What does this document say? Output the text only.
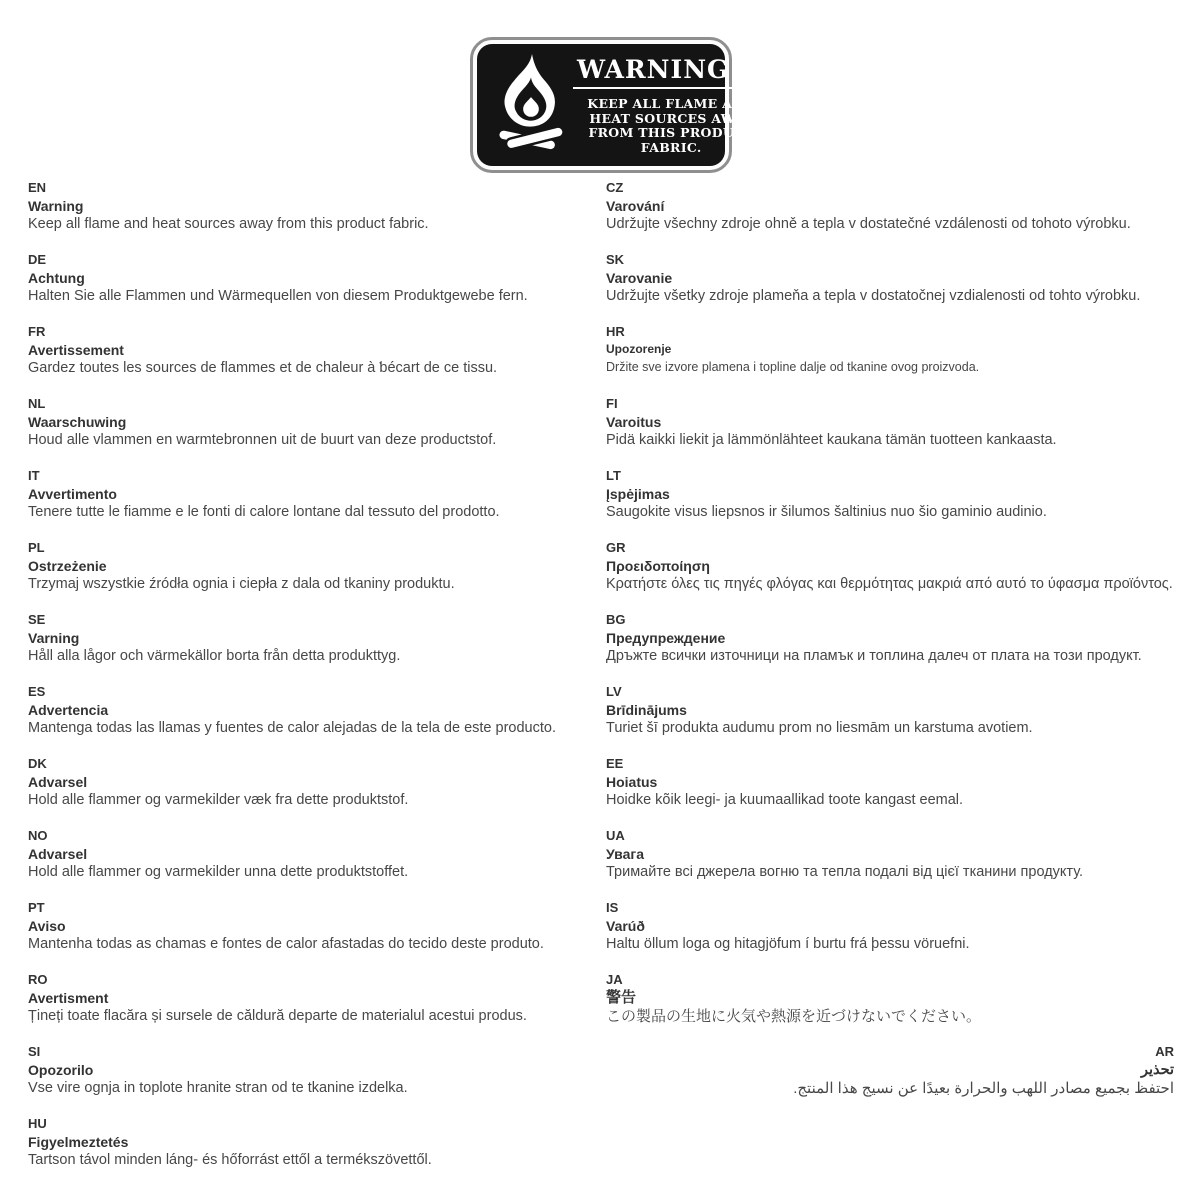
WARNING!!!
KEEP ALL FLAME AND
HEAT SOURCES AWAY
FROM THIS PRODUCT
FABRIC.
EN
Warning
Keep all flame and heat sources away from this product fabric.
DE
Achtung
Halten Sie alle Flammen und Wärmequellen von diesem Produktgewebe fern.
FR
Avertissement
Gardez toutes les sources de flammes et de chaleur à ƅécart de ce tissu.
NL
Waarschuwing
Houd alle vlammen en warmtebronnen uit de buurt van deze productstof.
IT
Avvertimento
Tenere tutte le fiamme e le fonti di calore lontane dal tessuto del prodotto.
PL
Ostrzeżenie
Trzymaj wszystkie źródła ognia i ciepła z dala od tkaniny produktu.
SE
Varning
Håll alla lågor och värmekällor borta från detta produkttyg.
ES
Advertencia
Mantenga todas las llamas y fuentes de calor alejadas de la tela de este producto.
DK
Advarsel
Hold alle flammer og varmekilder væk fra dette produktstof.
NO
Advarsel
Hold alle flammer og varmekilder unna dette produktstoffet.
PT
Aviso
Mantenha todas as chamas e fontes de calor afastadas do tecido deste produto.
RO
Avertisment
Țineți toate flacăra și sursele de căldură departe de materialul acestui produs.
SI
Opozorilo
Vse vire ognja in toplote hranite stran od te tkanine izdelka.
HU
Figyelmeztetés
Tartson távol minden láng- és hőforrást ettől a termékszövettől.
CZ
Varování
Udržujte všechny zdroje ohně a tepla v dostatečné vzdálenosti od tohoto výrobku.
SK
Varovanie
Udržujte všetky zdroje plameňa a tepla v dostatočnej vzdialenosti od tohto výrobku.
HR
Upozorenje
Držite sve izvore plamena i topline dalje od tkanine ovog proizvoda.
FI
Varoitus
Pidä kaikki liekit ja lämmönlähteet kaukana tämän tuotteen kankaasta.
LT
Įspėjimas
Saugokite visus liepsnos ir šilumos šaltinius nuo šio gaminio audinio.
GR
Προειδοποίηση
Κρατήστε όλες τις πηγές φλόγας και θερμότητας μακριά από αυτό το ύφασμα προϊόντος.
BG
Предупреждение
Дръжте всички източници на пламък и топлина далеч от плата на този продукт.
LV
Brīdinājums
Turiet šī produkta audumu prom no liesmām un karstuma avotiem.
EE
Hoiatus
Hoidke kõik leegi- ja kuumaallikad toote kangast eemal.
UA
Увага
Тримайте всі джерела вогню та тепла подалі від цієї тканини продукту.
IS
Varúð
Haltu öllum loga og hitagjöfum í burtu frá þessu vöruefni.
JA
警告
この製品の生地に火気や熱源を近づけないでください。
AR
تحذير
احتفظ بجميع مصادر اللهب والحرارة بعيدًا عن نسيج هذا المنتج.
